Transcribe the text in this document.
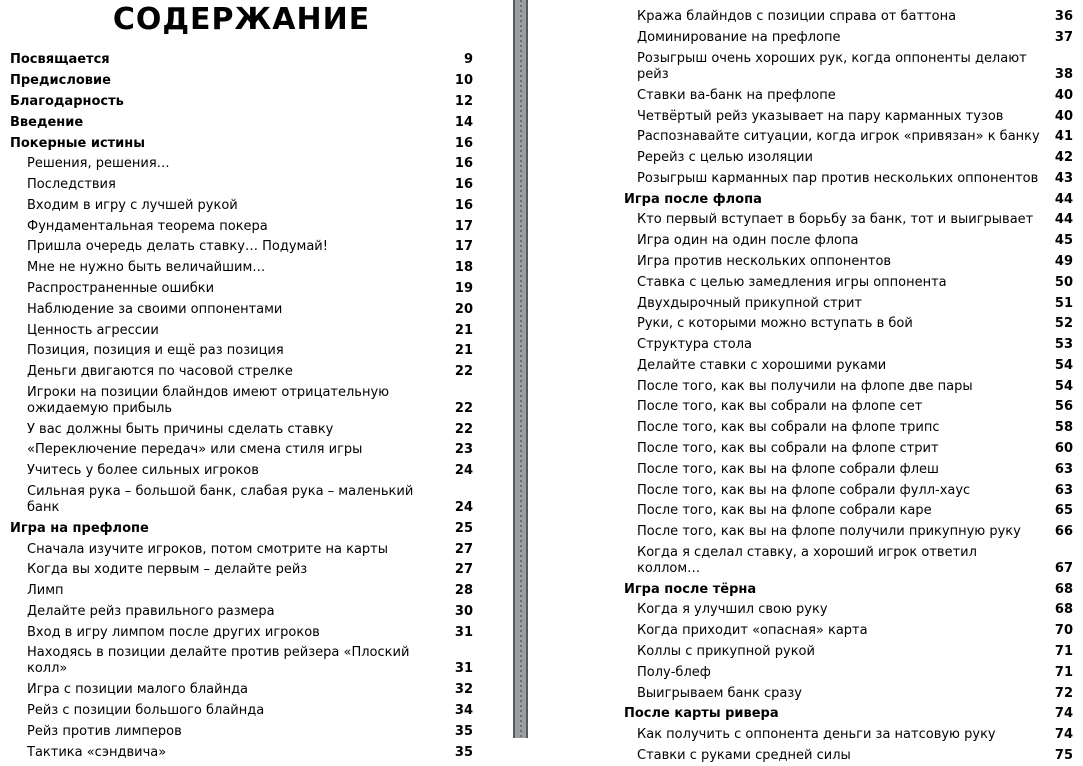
СОДЕРЖАНИЕ
Посвящается	9
Предисловие	10
Благодарность	12
Введение	14
Покерные истины	16
Решения, решения…	16
Последствия	16
Входим в игру с лучшей рукой	16
Фундаментальная теорема покера	17
Пришла очередь делать ставку… Подумай!	17
Мне не нужно быть величайшим…	18
Распространенные ошибки	19
Наблюдение за своими оппонентами	20
Ценность агрессии	21
Позиция, позиция и ещё раз позиция	21
Деньги двигаются по часовой стрелке	22
Игроки на позиции блайндов имеют отрицательную ожидаемую прибыль	22
У вас должны быть причины сделать ставку	22
«Переключение передач» или смена стиля игры	23
Учитесь у более сильных игроков	24
Сильная рука – большой банк, слабая рука – маленький банк	24
Игра на префлопе	25
Сначала изучите игроков, потом смотрите на карты	27
Когда вы ходите первым – делайте рейз	27
Лимп	28
Делайте рейз правильного размера	30
Вход в игру лимпом после других игроков	31
Находясь в позиции делайте против рейзера «Плоский колл»	31
Игра с позиции малого блайнда	32
Рейз с позиции большого блайнда	34
Рейз против лимперов	35
Тактика «сэндвича»	35
Кража блайндов с позиции справа от баттона	36
Доминирование на префлопе	37
Розыгрыш очень хороших рук, когда оппоненты делают рейз	38
Ставки ва-банк на префлопе	40
Четвёртый рейз указывает на пару карманных тузов	40
Распознавайте ситуации, когда игрок «привязан» к банку	41
Ререйз с целью изоляции	42
Розыгрыш карманных пар против нескольких оппонентов	43
Игра после флопа	44
Кто первый вступает в борьбу за банк, тот и выигрывает	44
Игра один на один после флопа	45
Игра против нескольких оппонентов	49
Ставка с целью замедления игры оппонента	50
Двухдырочный прикупной стрит	51
Руки, с которыми можно вступать в бой	52
Структура стола	53
Делайте ставки с хорошими руками	54
После того, как вы получили на флопе две пары	54
После того, как вы собрали на флопе сет	56
После того, как вы собрали на флопе трипс	58
После того, как вы собрали на флопе стрит	60
После того, как вы на флопе собрали флеш	63
После того, как вы на флопе собрали фулл-хаус	63
После того, как вы на флопе собрали каре	65
После того, как вы на флопе получили прикупную руку	66
Когда я сделал ставку, а хороший игрок ответил коллом…	67
Игра после тёрна	68
Когда я улучшил свою руку	68
Когда приходит «опасная» карта	70
Коллы с прикупной рукой	71
Полу-блеф	71
Выигрываем банк сразу	72
После карты ривера	74
Как получить с оппонента деньги за натсовую руку	74
Ставки с руками средней силы	75
